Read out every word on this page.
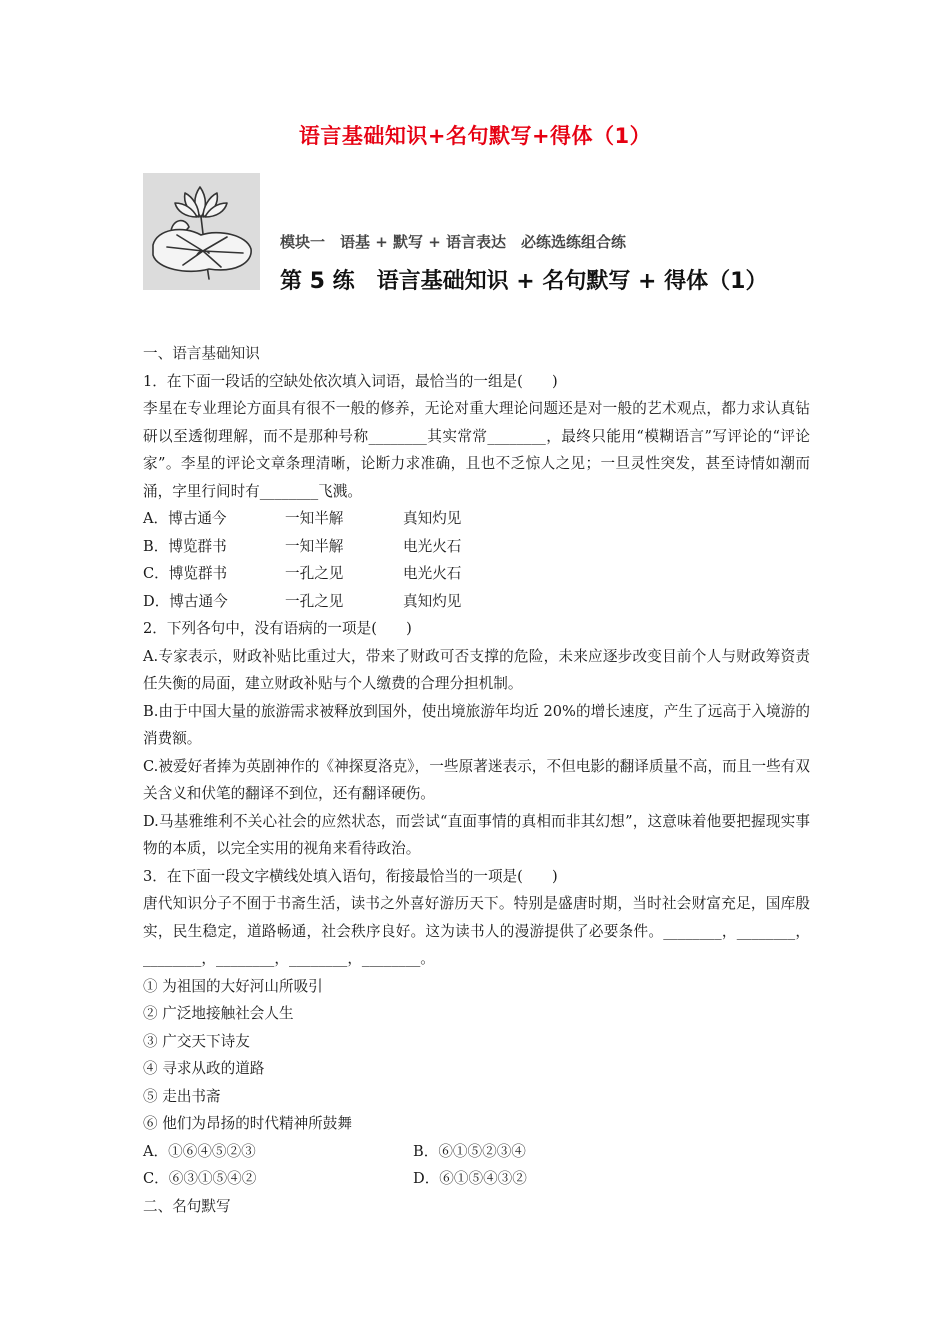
语言基础知识+名句默写+得体（1）
模块一　语基 + 默写 + 语言表达　必练选练组合练
第 5 练　语言基础知识 + 名句默写 + 得体（1）
一、语言基础知识
1．在下面一段话的空缺处依次填入词语，最恰当的一组是(　　)
李星在专业理论方面具有很不一般的修养，无论对重大理论问题还是对一般的艺术观点，都力求认真钻研以至透彻理解，而不是那种号称________其实常常________，最终只能用“模糊语言”写评论的“评论家”。李星的评论文章条理清晰，论断力求准确，且也不乏惊人之见；一旦灵性突发，甚至诗情如潮而涌，字里行间时有________飞溅。
A．博古通今	一知半解	真知灼见
B．博览群书	一知半解	电光火石
C．博览群书	一孔之见	电光火石
D．博古通今	一孔之见	真知灼见
2．下列各句中，没有语病的一项是(　　)
A.专家表示，财政补贴比重过大，带来了财政可否支撑的危险，未来应逐步改变目前个人与财政筹资责任失衡的局面，建立财政补贴与个人缴费的合理分担机制。
B.由于中国大量的旅游需求被释放到国外，使出境旅游年均近 20%的增长速度，产生了远高于入境游的消费额。
C.被爱好者捧为英剧神作的《神探夏洛克》，一些原著迷表示，不但电影的翻译质量不高，而且一些有双关含义和伏笔的翻译不到位，还有翻译硬伤。
D.马基雅维利不关心社会的应然状态，而尝试“直面事情的真相而非其幻想”，这意味着他要把握现实事物的本质，以完全实用的视角来看待政治。
3．在下面一段文字横线处填入语句，衔接最恰当的一项是(　　)
唐代知识分子不囿于书斋生活，读书之外喜好游历天下。特别是盛唐时期，当时社会财富充足，国库殷实，民生稳定，道路畅通，社会秩序良好。这为读书人的漫游提供了必要条件。________，________，________，________，________，________。
① 为祖国的大好河山所吸引
② 广泛地接触社会人生
③ 广交天下诗友
④ 寻求从政的道路
⑤ 走出书斋
⑥ 他们为昂扬的时代精神所鼓舞
A．①⑥④⑤②③	B．⑥①⑤②③④
C．⑥③①⑤④②	D．⑥①⑤④③②
二、名句默写
